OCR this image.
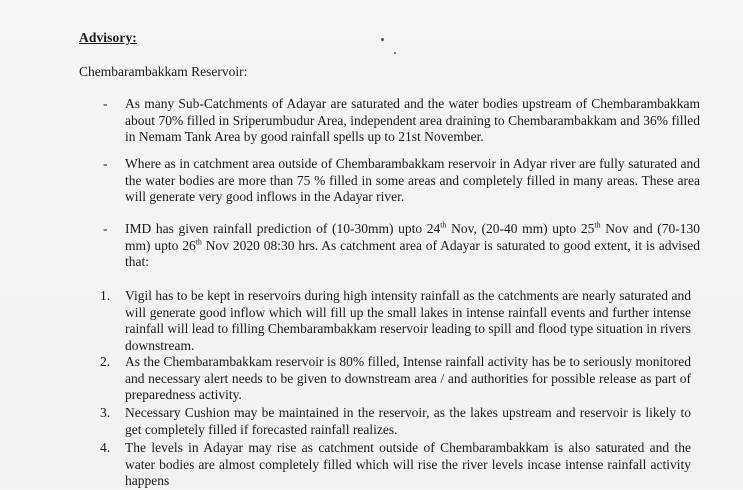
Advisory:
Chembarambakkam Reservoir:
- As many Sub-Catchments of Adayar are saturated and the water bodies upstream of Chembarambakkam about 70% filled in Sriperumbudur Area, independent area draining to Chembarambakkam and 36% filled in Nemam Tank Area by good rainfall spells up to 21st November.
- Where as in catchment area outside of Chembarambakkam reservoir in Adyar river are fully saturated and the water bodies are more than 75 % filled in some areas and completely filled in many areas. These area will generate very good inflows in the Adayar river.
- IMD has given rainfall prediction of (10-30mm) upto 24th Nov, (20-40 mm) upto 25th Nov and (70-130 mm) upto 26th Nov 2020 08:30 hrs. As catchment area of Adayar is saturated to good extent, it is advised that:
1. Vigil has to be kept in reservoirs during high intensity rainfall as the catchments are nearly saturated and will generate good inflow which will fill up the small lakes in intense rainfall events and further intense rainfall will lead to filling Chembarambakkam reservoir leading to spill and flood type situation in rivers downstream.
2. As the Chembarambakkam reservoir is 80% filled, Intense rainfall activity has be to seriously monitored and necessary alert needs to be given to downstream area / and authorities for possible release as part of preparedness activity.
3. Necessary Cushion may be maintained in the reservoir, as the lakes upstream and reservoir is likely to get completely filled if forecasted rainfall realizes.
4. The levels in Adayar may rise as catchment outside of Chembarambakkam is also saturated and the water bodies are almost completely filled which will rise the river levels incase intense rainfall activity happens
